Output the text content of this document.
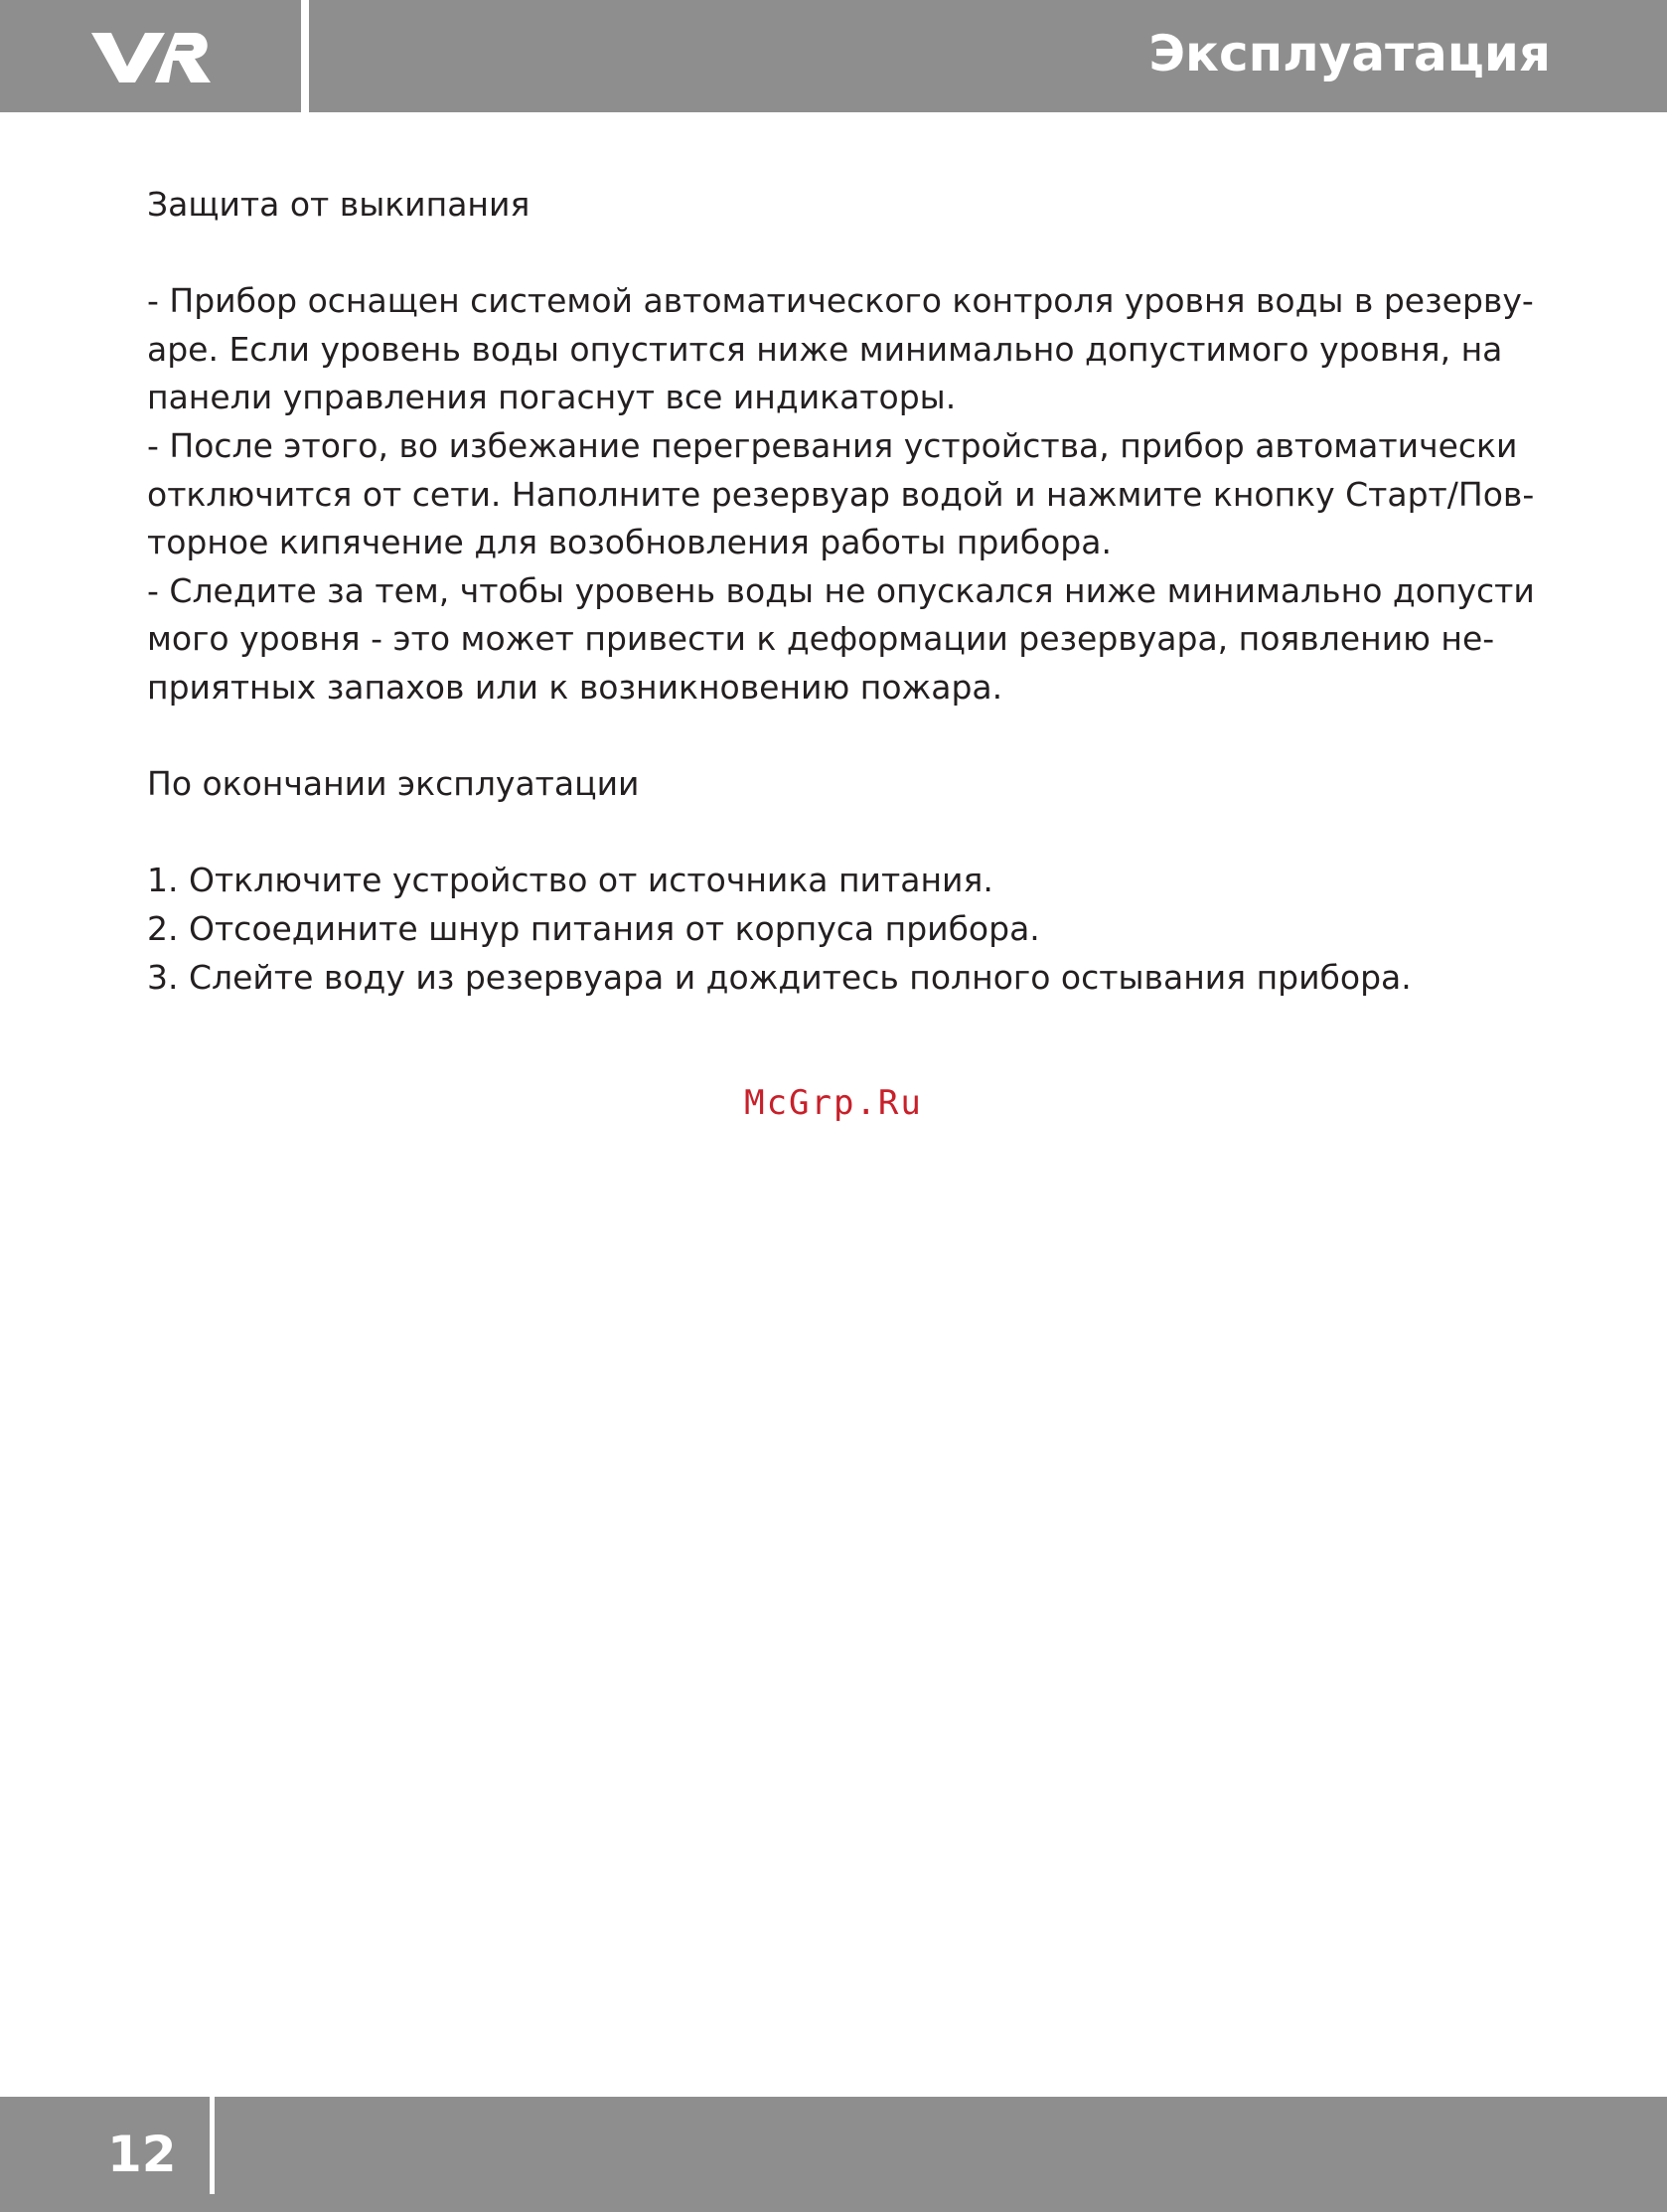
Эксплуатация

Защита от выкипания

- Прибор оснащен системой автоматического контроля уровня воды в резерву-

аре. Если уровень воды опустится ниже минимально допустимого уровня, на

панели управления погаснут все индикаторы.

- После этого, во избежание перегревания устройства, прибор автоматически

отключится от сети. Наполните резервуар водой и нажмите кнопку Старт/Пов-

торное кипячение для возобновления работы прибора.

- Следите за тем, чтобы уровень воды не опускался ниже минимально допусти

мого уровня - это может привести к деформации резервуара, появлению не-

приятных запахов или к возникновению пожара.

По окончании эксплуатации

1. Отключите устройство от источника питания.

2. Отсоедините шнур питания от корпуса прибора.

3. Слейте воду из резервуара и дождитесь полного остывания прибора.

McGrp.Ru
12
